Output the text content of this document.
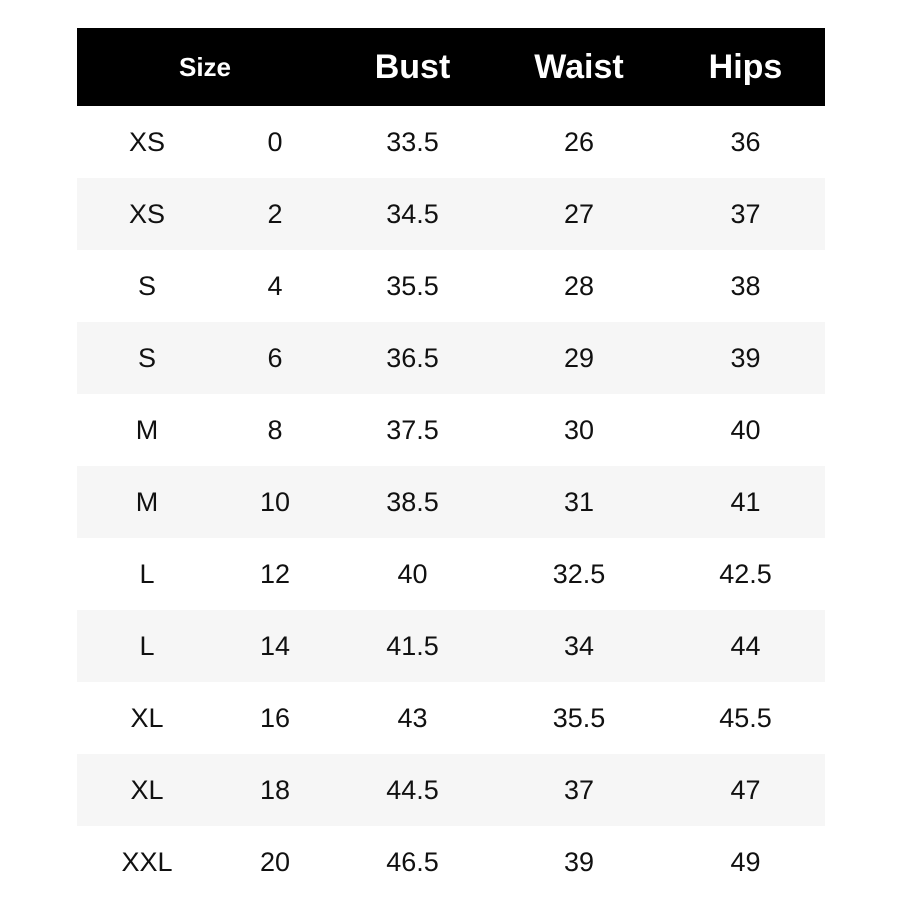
Size	Bust	Waist	Hips
XS	0	33.5	26	36
XS	2	34.5	27	37
S	4	35.5	28	38
S	6	36.5	29	39
M	8	37.5	30	40
M	10	38.5	31	41
L	12	40	32.5	42.5
L	14	41.5	34	44
XL	16	43	35.5	45.5
XL	18	44.5	37	47
XXL	20	46.5	39	49
